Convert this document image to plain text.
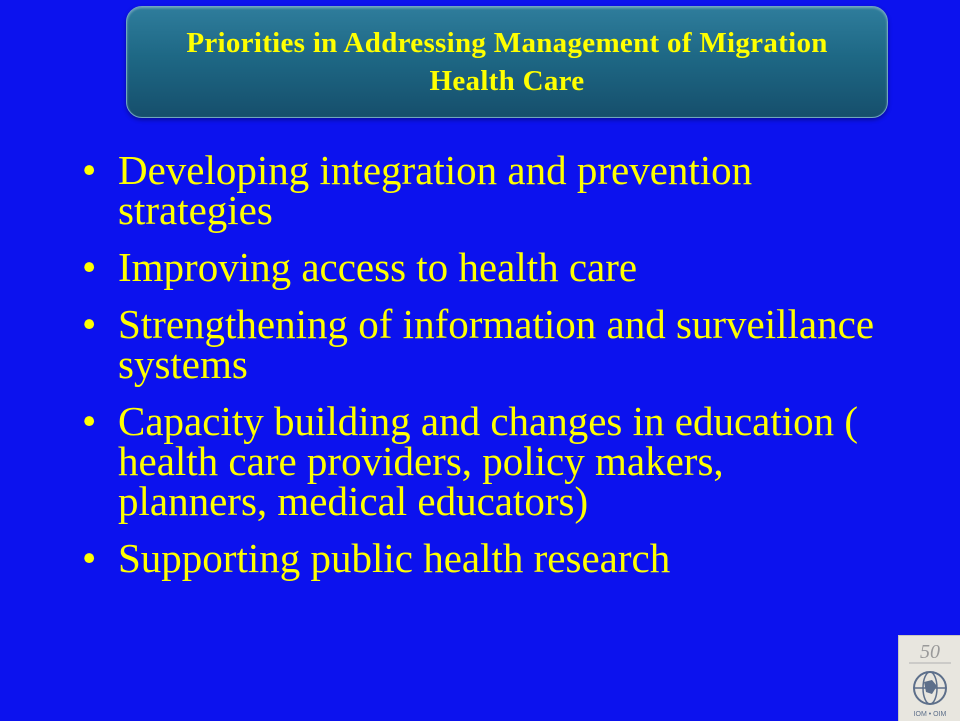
Priorities in Addressing Management of Migration Health Care
• Developing integration and prevention strategies
• Improving access to health care
• Strengthening of information and surveillance systems
• Capacity building and changes in education ( health care providers, policy makers, planners, medical educators)
• Supporting public health research
50
IOM • OIM
